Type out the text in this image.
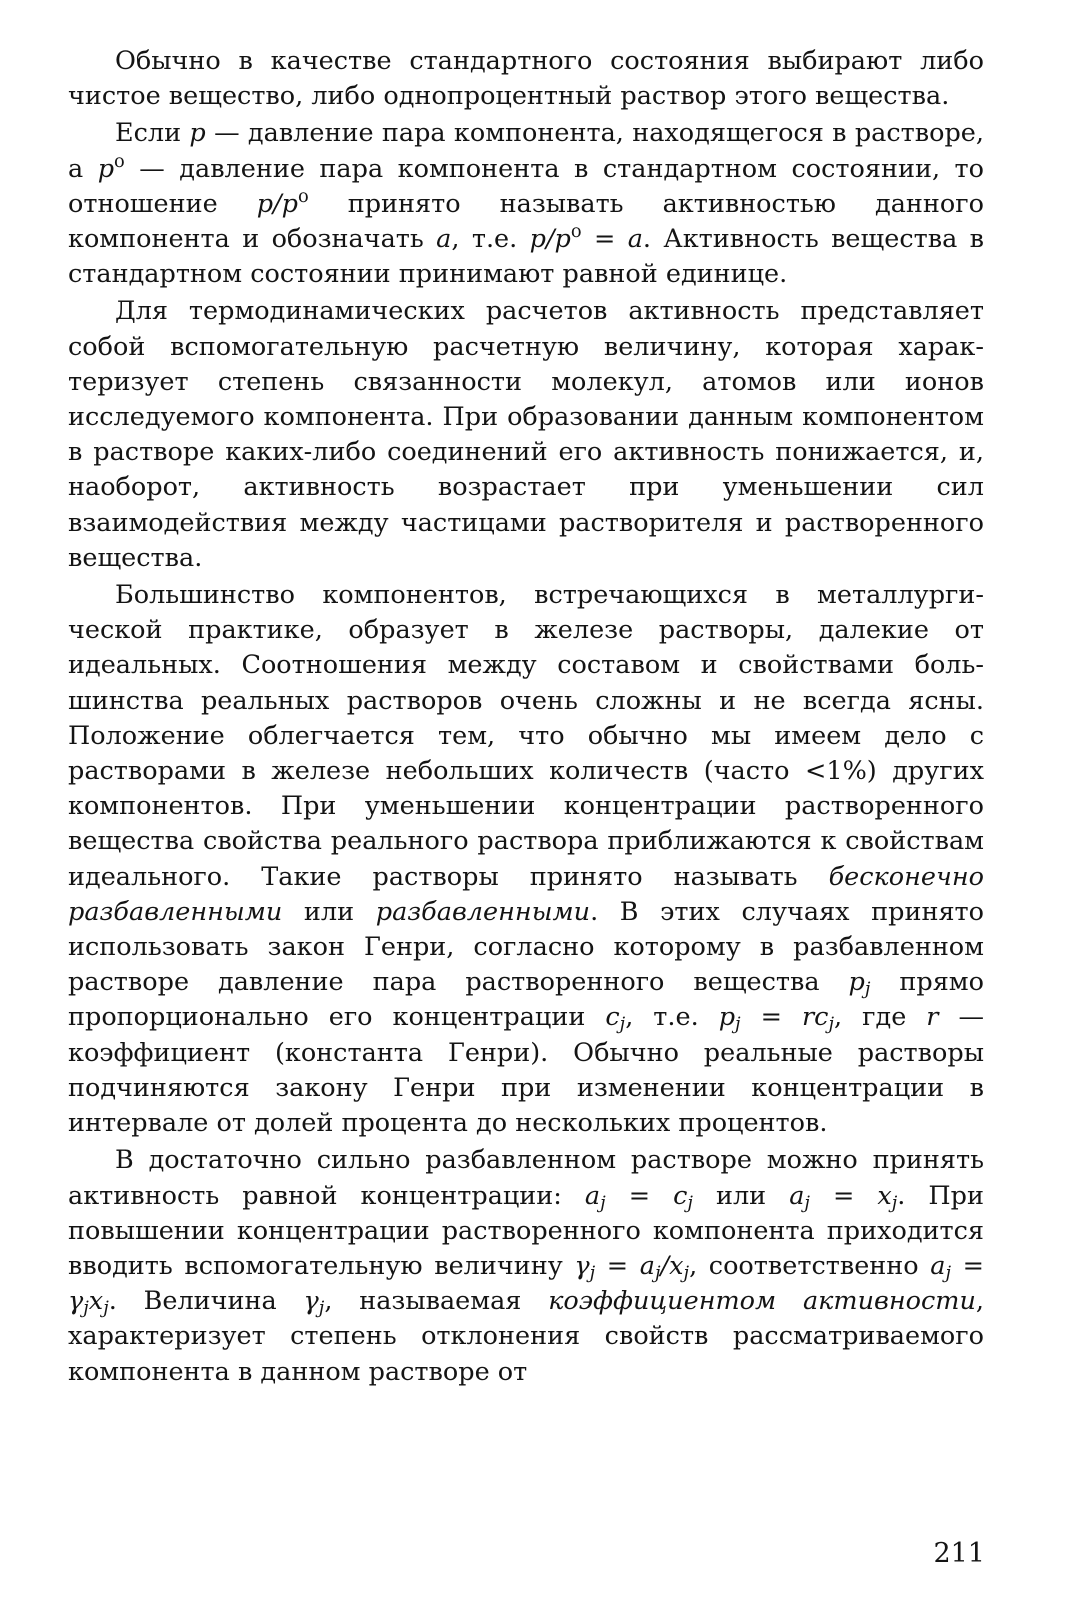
Обычно в качестве стандартного состояния выбирают либо чистое вещество, либо однопроцентный раствор этого вещества.

Если p — давление пара компонента, находящегося в растворе, а $p^o$ — давление пара компонента в стандартном состоянии, то отношение $p/p^o$ принято называть активностью данного компонента и обозначать a, т.е. $p/p^o = a$. Активность вещества в стандартном состоянии принимают равной единице.

Для термодинамических расчетов активность представляет собой вспомогательную расчетную величину, которая характеризует степень связанности молекул, атомов или ионов исследуемого компонента. При образовании данным компонентом в растворе каких-либо соединений его активность понижается, и, наоборот, активность возрастает при уменьшении сил взаимодействия между частицами растворителя и растворенного вещества.

Большинство компонентов, встречающихся в металлургической практике, образует в железе растворы, далекие от идеальных. Соотношения между составом и свойствами большинства реальных растворов очень сложны и не всегда ясны. Положение облегчается тем, что обычно мы имеем дело с растворами в железе небольших количеств (часто <1%) других компонентов. При уменьшении концентрации растворенного вещества свойства реального раствора приближаются к свойствам идеального. Такие растворы принято называть бесконечно разбавленными или разбавленными. В этих случаях принято использовать закон Генри, согласно которому в разбавленном растворе давление пара растворенного вещества $p_j$ прямо пропорционально его концентрации $c_j$, т.е. $p_j = rc_j$, где r — коэффициент (константа Генри). Обычно реальные растворы подчиняются закону Генри при изменении концентрации в интервале от долей процента до нескольких процентов.

В достаточно сильно разбавленном растворе можно принять активность равной концентрации: $a_j = c_j$ или $a_j = x_j$. При повышении концентрации растворенного компонента приходится вводить вспомогательную величину $\gamma_j = a_j/x_j$, соответственно $a_j = \gamma_jx_j$. Величина $\gamma_j$, называемая коэффициентом активности, характеризует степень отклонения свойств рассматриваемого компонента в данном растворе от

211
